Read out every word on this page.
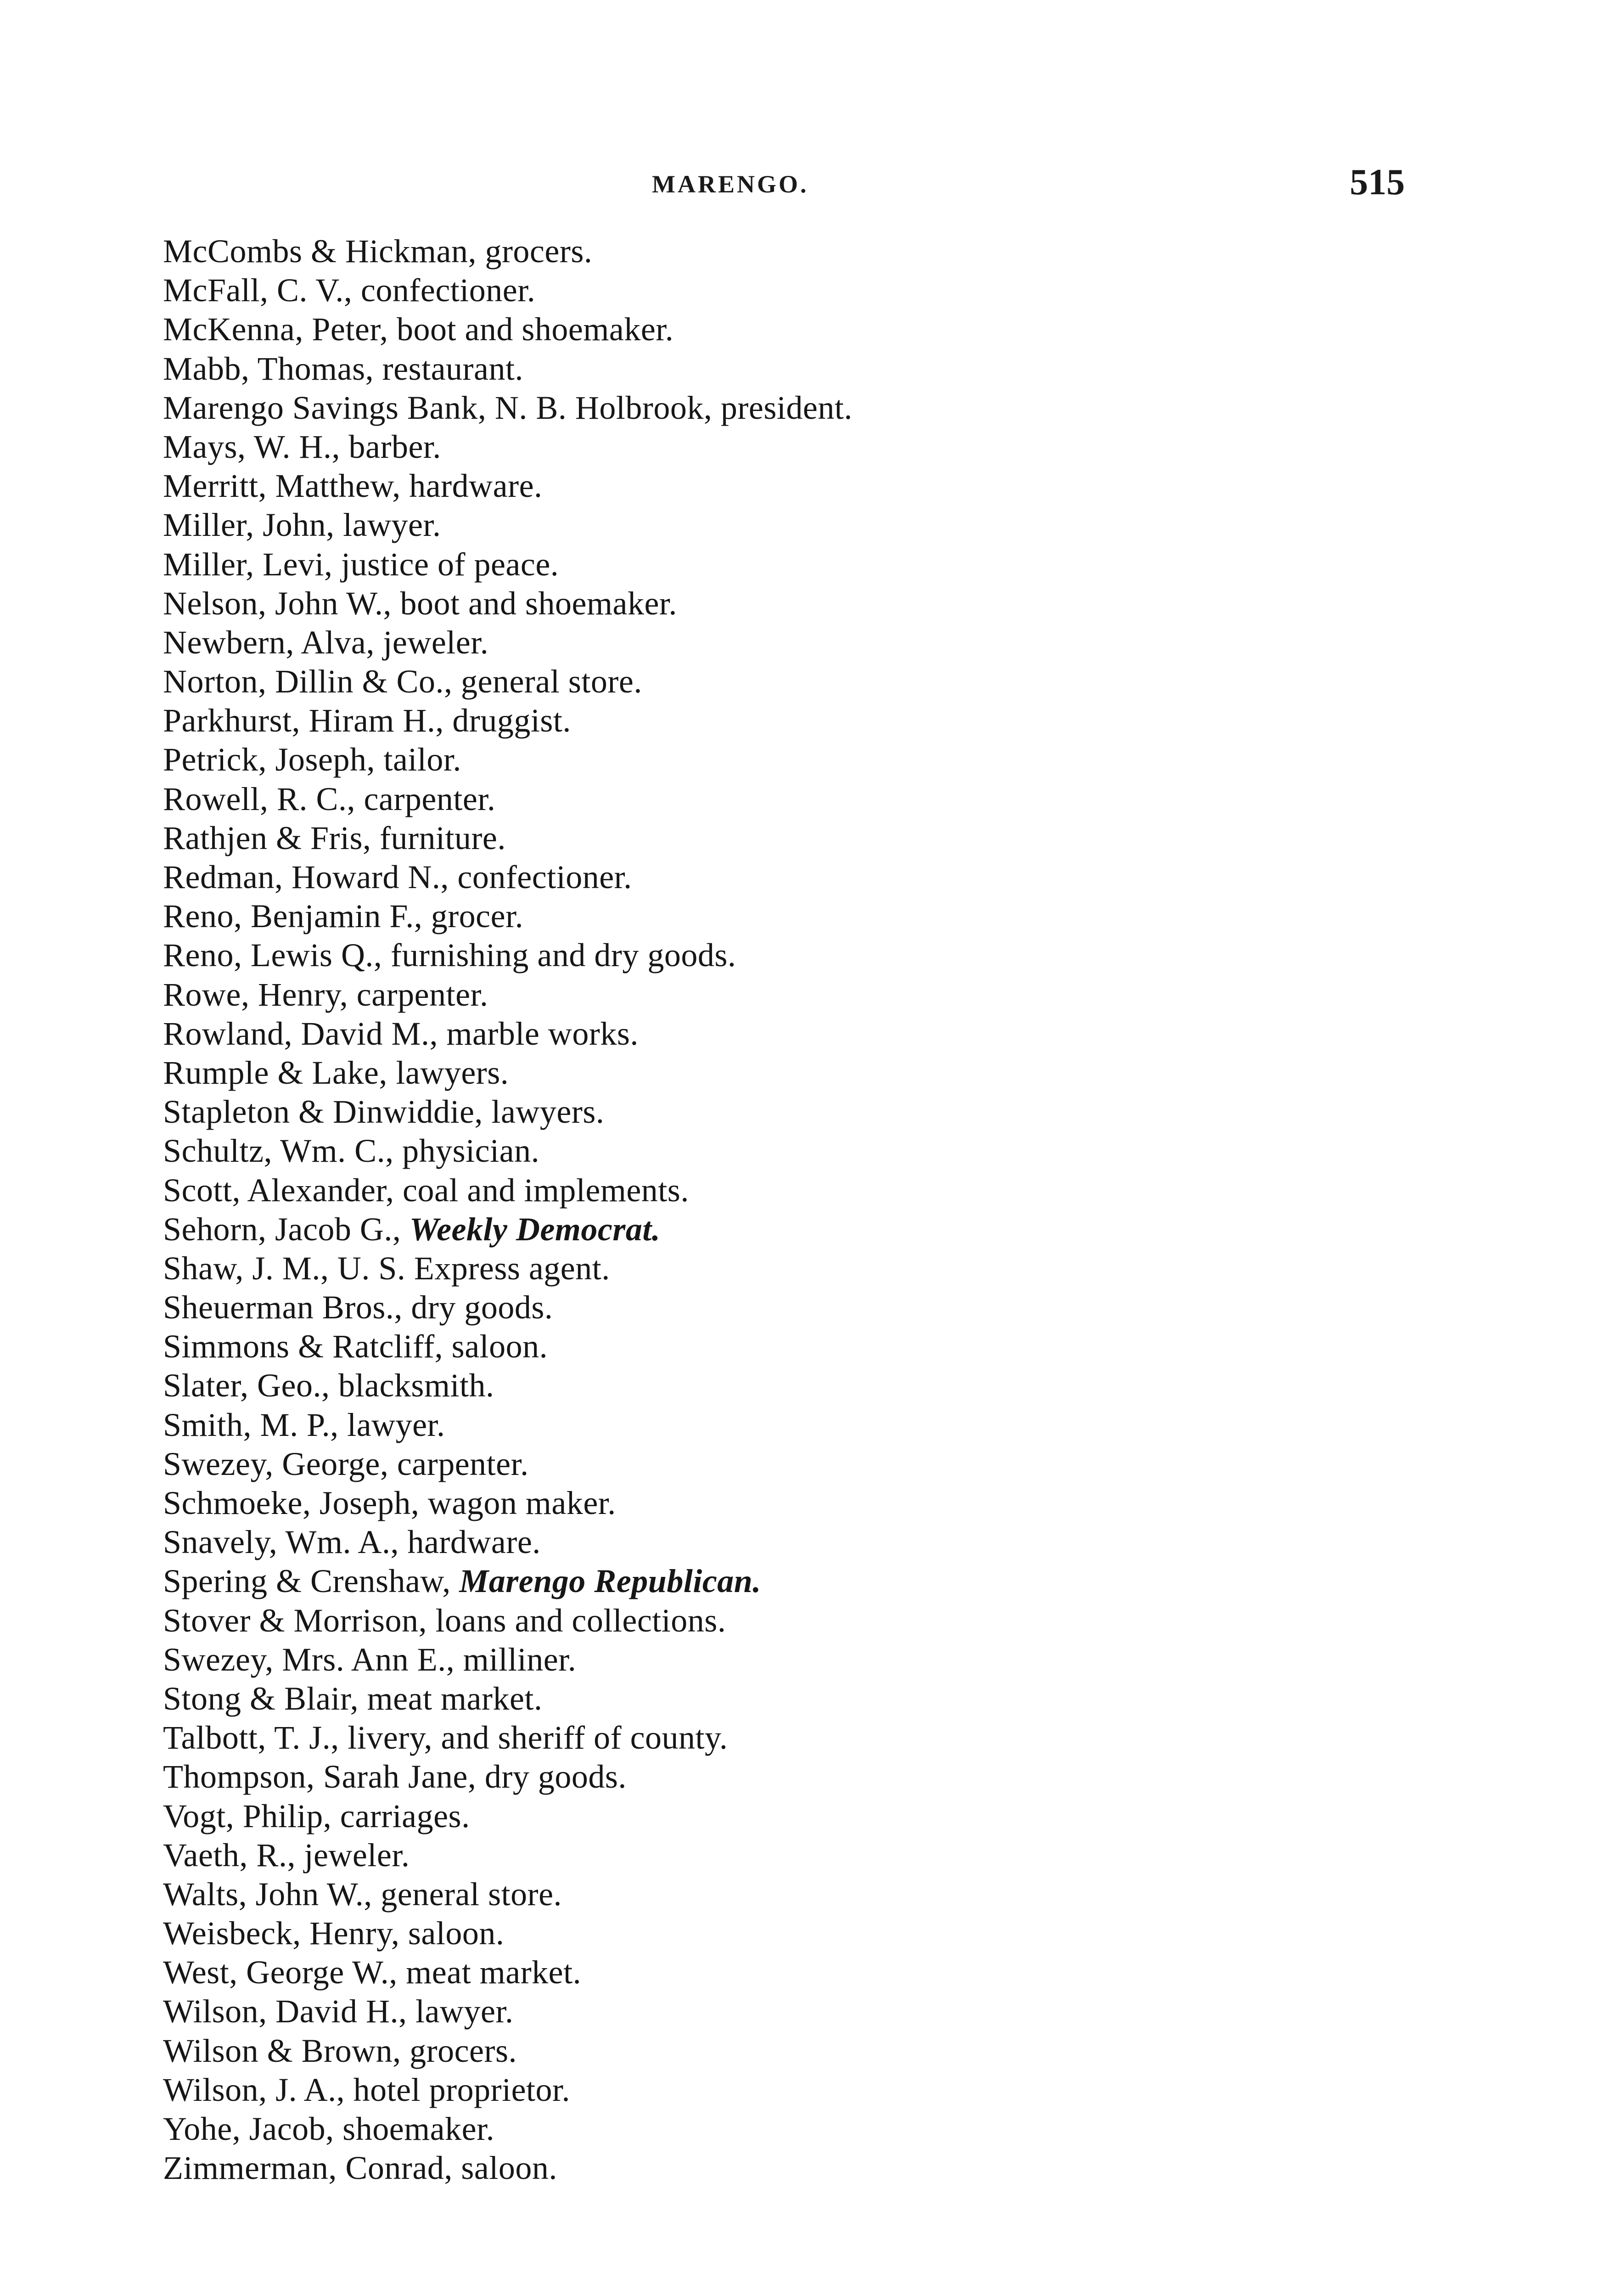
MARENGO.	515
McCombs & Hickman, grocers.
McFall, C. V., confectioner.
McKenna, Peter, boot and shoemaker.
Mabb, Thomas, restaurant.
Marengo Savings Bank, N. B. Holbrook, president.
Mays, W. H., barber.
Merritt, Matthew, hardware.
Miller, John, lawyer.
Miller, Levi, justice of peace.
Nelson, John W., boot and shoemaker.
Newbern, Alva, jeweler.
Norton, Dillin & Co., general store.
Parkhurst, Hiram H., druggist.
Petrick, Joseph, tailor.
Rowell, R. C., carpenter.
Rathjen & Fris, furniture.
Redman, Howard N., confectioner.
Reno, Benjamin F., grocer.
Reno, Lewis Q., furnishing and dry goods.
Rowe, Henry, carpenter.
Rowland, David M., marble works.
Rumple & Lake, lawyers.
Stapleton & Dinwiddie, lawyers.
Schultz, Wm. C., physician.
Scott, Alexander, coal and implements.
Sehorn, Jacob G., Weekly Democrat.
Shaw, J. M., U. S. Express agent.
Sheuerman Bros., dry goods.
Simmons & Ratcliff, saloon.
Slater, Geo., blacksmith.
Smith, M. P., lawyer.
Swezey, George, carpenter.
Schmoeke, Joseph, wagon maker.
Snavely, Wm. A., hardware.
Spering & Crenshaw, Marengo Republican.
Stover & Morrison, loans and collections.
Swezey, Mrs. Ann E., milliner.
Stong & Blair, meat market.
Talbott, T. J., livery, and sheriff of county.
Thompson, Sarah Jane, dry goods.
Vogt, Philip, carriages.
Vaeth, R., jeweler.
Walts, John W., general store.
Weisbeck, Henry, saloon.
West, George W., meat market.
Wilson, David H., lawyer.
Wilson & Brown, grocers.
Wilson, J. A., hotel proprietor.
Yohe, Jacob, shoemaker.
Zimmerman, Conrad, saloon.
